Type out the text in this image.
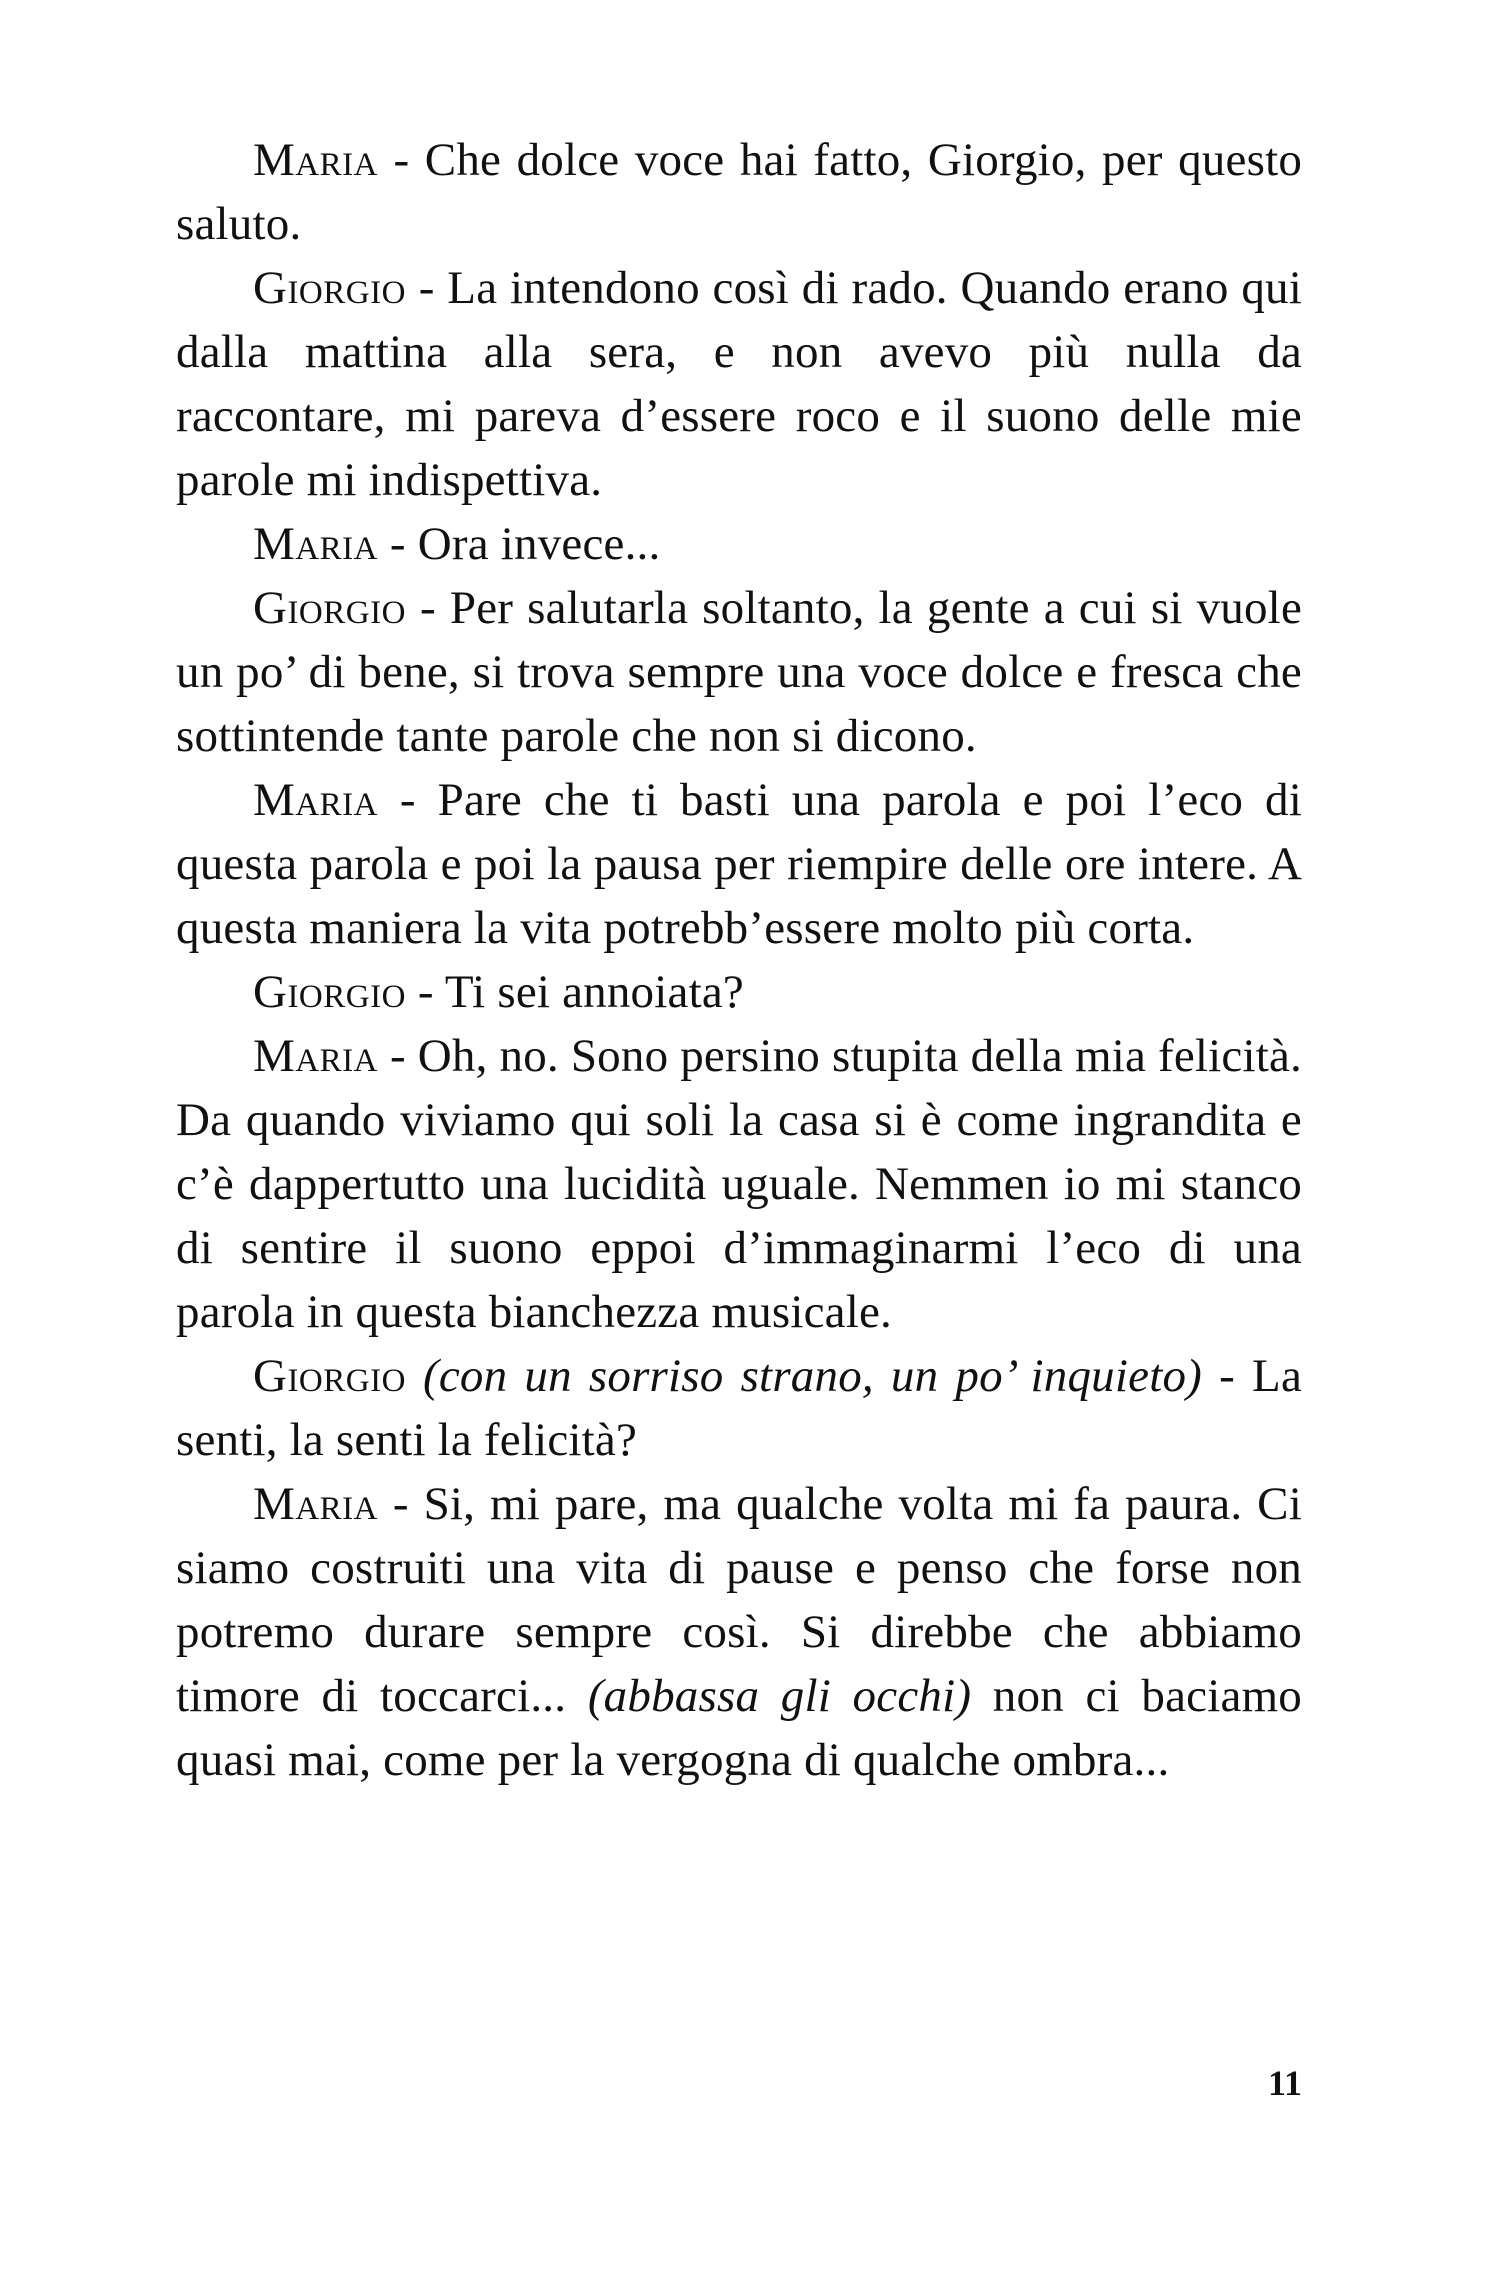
Maria - Che dolce voce hai fatto, Giorgio, per questo saluto.

Giorgio - La intendono così di rado. Quando erano qui dalla mattina alla sera, e non avevo più nulla da raccontare, mi pareva d’essere roco e il suono delle mie parole mi indispettiva.

Maria - Ora invece...

Giorgio - Per salutarla soltanto, la gente a cui si vuole un po’ di bene, si trova sempre una voce dolce e fresca che sottintende tante parole che non si dicono.

Maria - Pare che ti basti una parola e poi l’eco di questa parola e poi la pausa per riempire delle ore intere. A questa maniera la vita potrebb’essere molto più corta.

Giorgio - Ti sei annoiata?

Maria - Oh, no. Sono persino stupita della mia felicità. Da quando viviamo qui soli la casa si è come ingrandita e c’è dappertutto una lucidità uguale. Nemmen io mi stanco di sentire il suono eppoi d’immaginarmi l’eco di una parola in questa bianchezza musicale.

Giorgio (con un sorriso strano, un po’ inquieto) - La senti, la senti la felicità?

Maria - Si, mi pare, ma qualche volta mi fa paura. Ci siamo costruiti una vita di pause e penso che forse non potremo durare sempre così. Si direbbe che abbiamo timore di toccarci... (abbassa gli occhi) non ci baciamo quasi mai, come per la vergogna di qualche ombra...

11
